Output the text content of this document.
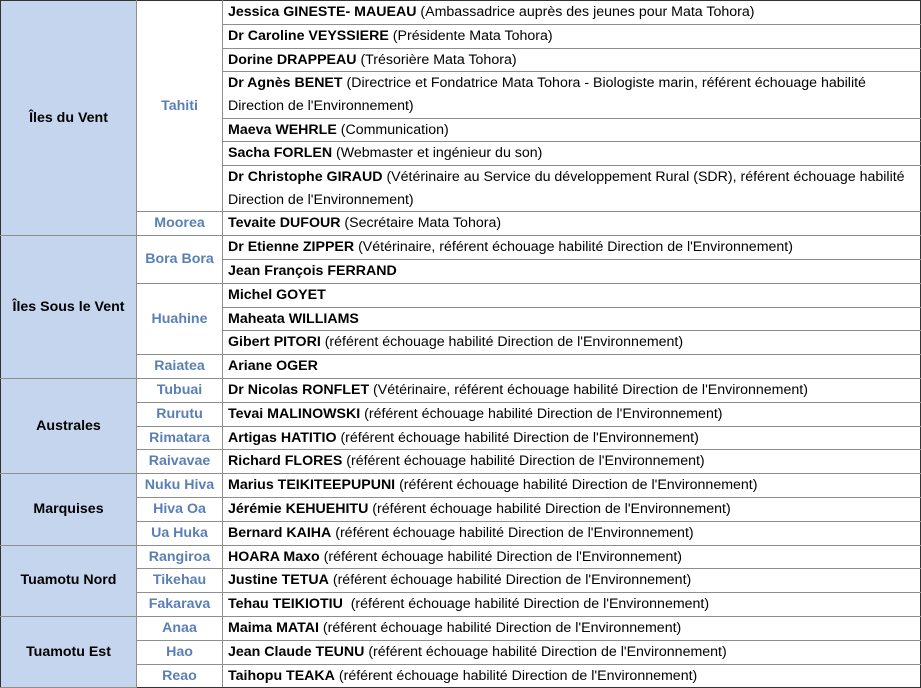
Îles du Vent	Tahiti	Jessica GINESTE- MAUEAU (Ambassadrice auprès des jeunes pour Mata Tohora)
		Dr Caroline VEYSSIERE (Présidente Mata Tohora)
		Dorine DRAPPEAU (Trésorière Mata Tohora)
		Dr Agnès BENET (Directrice et Fondatrice Mata Tohora - Biologiste marin, référent échouage habilité Direction de l'Environnement)
		Maeva WEHRLE (Communication)
		Sacha FORLEN (Webmaster et ingénieur du son)
		Dr Christophe GIRAUD (Vétérinaire au Service du développement Rural (SDR), référent échouage habilité Direction de l'Environnement)
	Moorea	Tevaite DUFOUR (Secrétaire Mata Tohora)
Îles Sous le Vent	Bora Bora	Dr Etienne ZIPPER (Vétérinaire, référent échouage habilité Direction de l'Environnement)
		Jean François FERRAND
	Huahine	Michel GOYET
		Maheata WILLIAMS
		Gibert PITORI (référent échouage habilité Direction de l'Environnement)
	Raiatea	Ariane OGER
Australes	Tubuai	Dr Nicolas RONFLET (Vétérinaire, référent échouage habilité Direction de l'Environnement)
	Rurutu	Tevai MALINOWSKI (référent échouage habilité Direction de l'Environnement)
	Rimatara	Artigas HATITIO (référent échouage habilité Direction de l'Environnement)
	Raivavae	Richard FLORES (référent échouage habilité Direction de l'Environnement)
Marquises	Nuku Hiva	Marius TEIKITEEPUPUNI (référent échouage habilité Direction de l'Environnement)
	Hiva Oa	Jérémie KEHUEHITU (référent échouage habilité Direction de l'Environnement)
	Ua Huka	Bernard KAIHA (référent échouage habilité Direction de l'Environnement)
Tuamotu Nord	Rangiroa	HOARA Maxo (référent échouage habilité Direction de l'Environnement)
	Tikehau	Justine TETUA (référent échouage habilité Direction de l'Environnement)
	Fakarava	Tehau TEIKIOTIU  (référent échouage habilité Direction de l'Environnement)
Tuamotu Est	Anaa	Maima MATAI (référent échouage habilité Direction de l'Environnement)
	Hao	Jean Claude TEUNU (référent échouage habilité Direction de l'Environnement)
	Reao	Taihopu TEAKA (référent échouage habilité Direction de l'Environnement)
